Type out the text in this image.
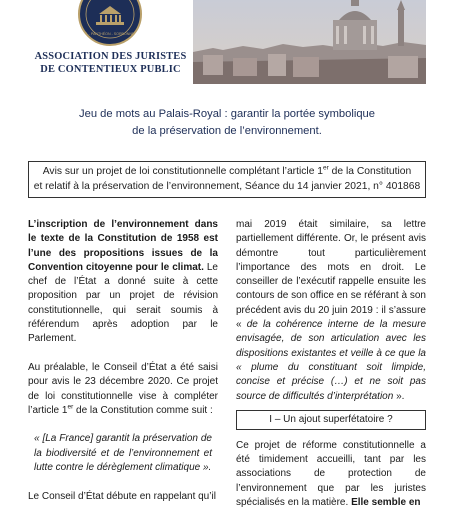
1 - PANTHÉON - SORBONNE
ASSOCIATION DES JURISTES
DE CONTENTIEUX PUBLIC
Jeu de mots au Palais-Royal : garantir la portée symbolique
de la préservation de l’environnement.
Avis sur un projet de loi constitutionnelle complétant l’article 1er de la Constitution
et relatif à la préservation de l’environnement, Séance du 14 janvier 2021, n° 401868

L’inscription de l’environnement dans le texte de la Constitution de 1958 est l’une des propositions issues de la Convention citoyenne pour le climat. Le chef de l’État a donné suite à cette proposition par un projet de révision constitutionnelle, qui serait soumis à référendum après adoption par le Parlement.

Au préalable, le Conseil d’État a été saisi pour avis le 23 décembre 2020. Ce projet de loi constitutionnelle vise à compléter l’article 1er de la Constitution comme suit :

« [La France] garantit la préservation de la biodiversité et de l’environnement et lutte contre le dérèglement climatique ».

Le Conseil d’État débute en rappelant qu’il

mai 2019 était similaire, sa lettre partiellement différente. Or, le présent avis démontre tout particulièrement l’importance des mots en droit. Le conseiller de l’exécutif rappelle ensuite les contours de son office en se référant à son précédent avis du 20 juin 2019 : il s’assure « de la cohérence interne de la mesure envisagée, de son articulation avec les dispositions existantes et veille à ce que la « plume du constituant soit limpide, concise et précise (…) et ne soit pas source de difficultés d’interprétation ».

I – Un ajout superfétatoire ?

Ce projet de réforme constitutionnelle a été timidement accueilli, tant par les associations de protection de l’environnement que par les juristes spécialisés en la matière. Elle semble en
